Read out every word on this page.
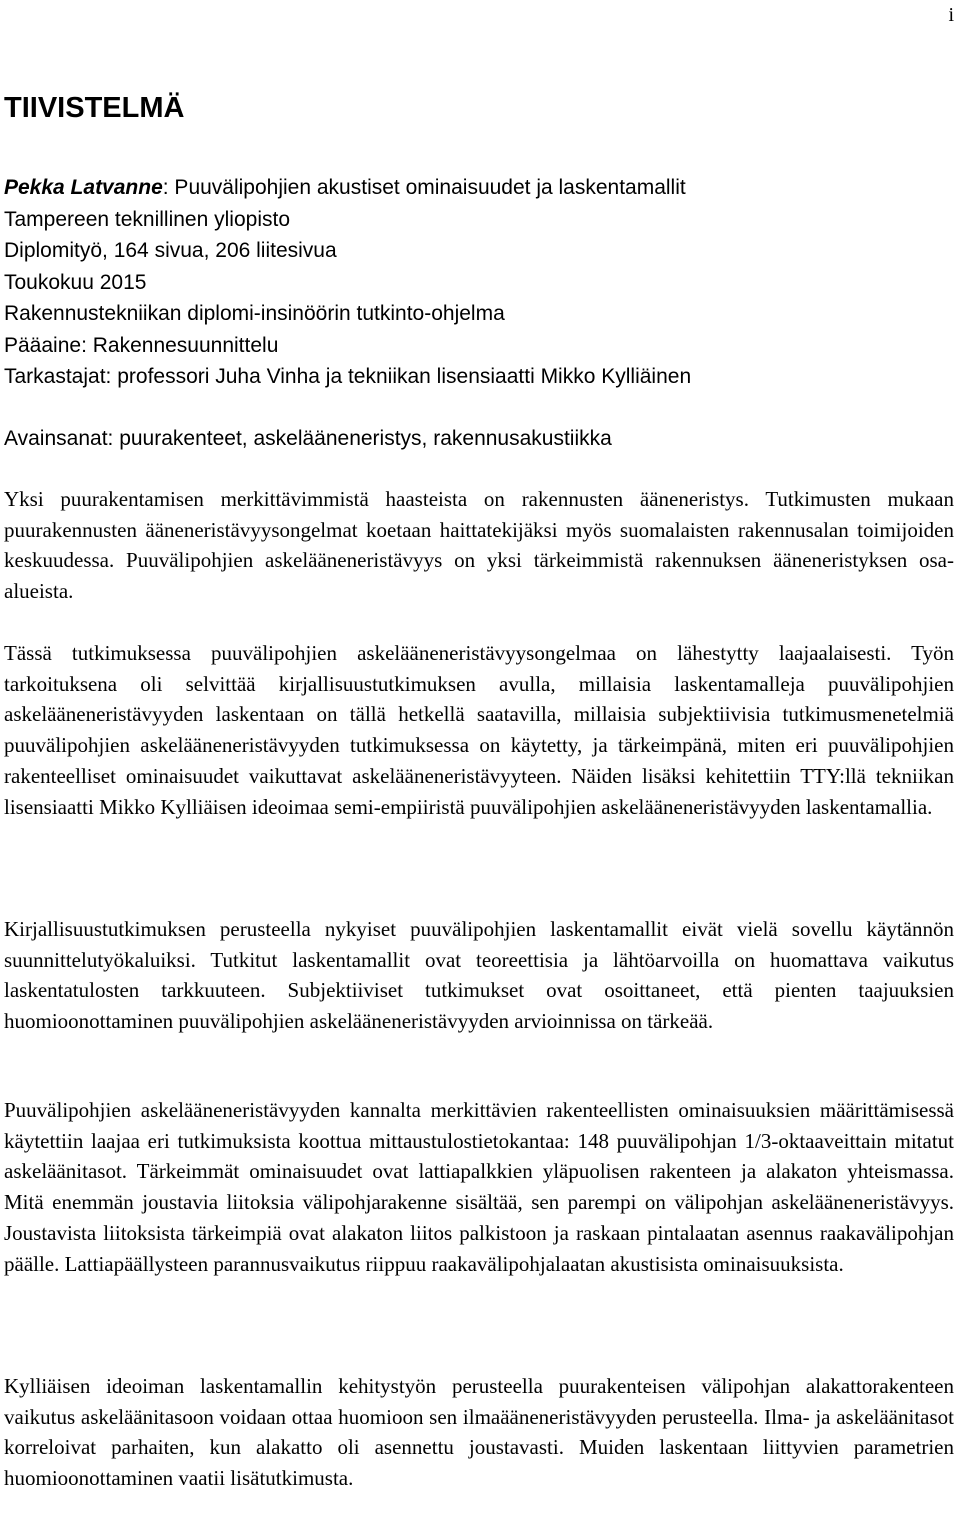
i
TIIVISTELMÄ
Pekka Latvanne: Puuvälipohjien akustiset ominaisuudet ja laskentamallit
Tampereen teknillinen yliopisto
Diplomityö, 164 sivua, 206 liitesivua
Toukokuu 2015
Rakennustekniikan diplomi-insinöörin tutkinto-ohjelma
Pääaine: Rakennesuunnittelu
Tarkastajat: professori Juha Vinha ja tekniikan lisensiaatti Mikko Kylliäinen
Avainsanat: puurakenteet, askelääneneristys, rakennusakustiikka

Yksi puurakentamisen merkittävimmistä haasteista on rakennusten ääneneristys. Tutkimusten mukaan puurakennusten ääneneristävyysongelmat koetaan haittatekijäksi myös suomalaisten rakennusalan toimijoiden keskuudessa. Puuvälipohjien askelääneneristävyys on yksi tärkeimmistä rakennuksen ääneneristyksen osa-alueista.

Tässä tutkimuksessa puuvälipohjien askelääneneristävyysongelmaa on lähestytty laajaalaisesti. Työn tarkoituksena oli selvittää kirjallisuustutkimuksen avulla, millaisia laskentamalleja puuvälipohjien askelääneneristävyyden laskentaan on tällä hetkellä saatavilla, millaisia subjektiivisia tutkimusmenetelmiä puuvälipohjien askelääneneristävyyden tutkimuksessa on käytetty, ja tärkeimpänä, miten eri puuvälipohjien rakenteelliset ominaisuudet vaikuttavat askelääneneristävyyteen. Näiden lisäksi kehitettiin TTY:llä tekniikan lisensiaatti Mikko Kylliäisen ideoimaa semi-empiiristä puuvälipohjien askelääneneristävyyden laskentamallia.

Kirjallisuustutkimuksen perusteella nykyiset puuvälipohjien laskentamallit eivät vielä sovellu käytännön suunnittelutyökaluiksi. Tutkitut laskentamallit ovat teoreettisia ja lähtöarvoilla on huomattava vaikutus laskentatulosten tarkkuuteen. Subjektiiviset tutkimukset ovat osoittaneet, että pienten taajuuksien huomioonottaminen puuvälipohjien askelääneneristävyyden arvioinnissa on tärkeää.

Puuvälipohjien askelääneneristävyyden kannalta merkittävien rakenteellisten ominaisuuksien määrittämisessä käytettiin laajaa eri tutkimuksista koottua mittaustulostietokantaa: 148 puuvälipohjan 1/3-oktaaveittain mitatut askeläänitasot. Tärkeimmät ominaisuudet ovat lattiapalkkien yläpuolisen rakenteen ja alakaton yhteismassa. Mitä enemmän joustavia liitoksia välipohjarakenne sisältää, sen parempi on välipohjan askelääneneristävyys. Joustavista liitoksista tärkeimpiä ovat alakaton liitos palkistoon ja raskaan pintalaatan asennus raakavälipohjan päälle. Lattiapäällysteen parannusvaikutus riippuu raakavälipohjalaatan akustisista ominaisuuksista.

Kylliäisen ideoiman laskentamallin kehitystyön perusteella puurakenteisen välipohjan alakattorakenteen vaikutus askeläänitasoon voidaan ottaa huomioon sen ilmaääneneristävyyden perusteella. Ilma- ja askeläänitasot korreloivat parhaiten, kun alakatto oli asennettu joustavasti. Muiden laskentaan liittyvien parametrien huomioonottaminen vaatii lisätutkimusta.
